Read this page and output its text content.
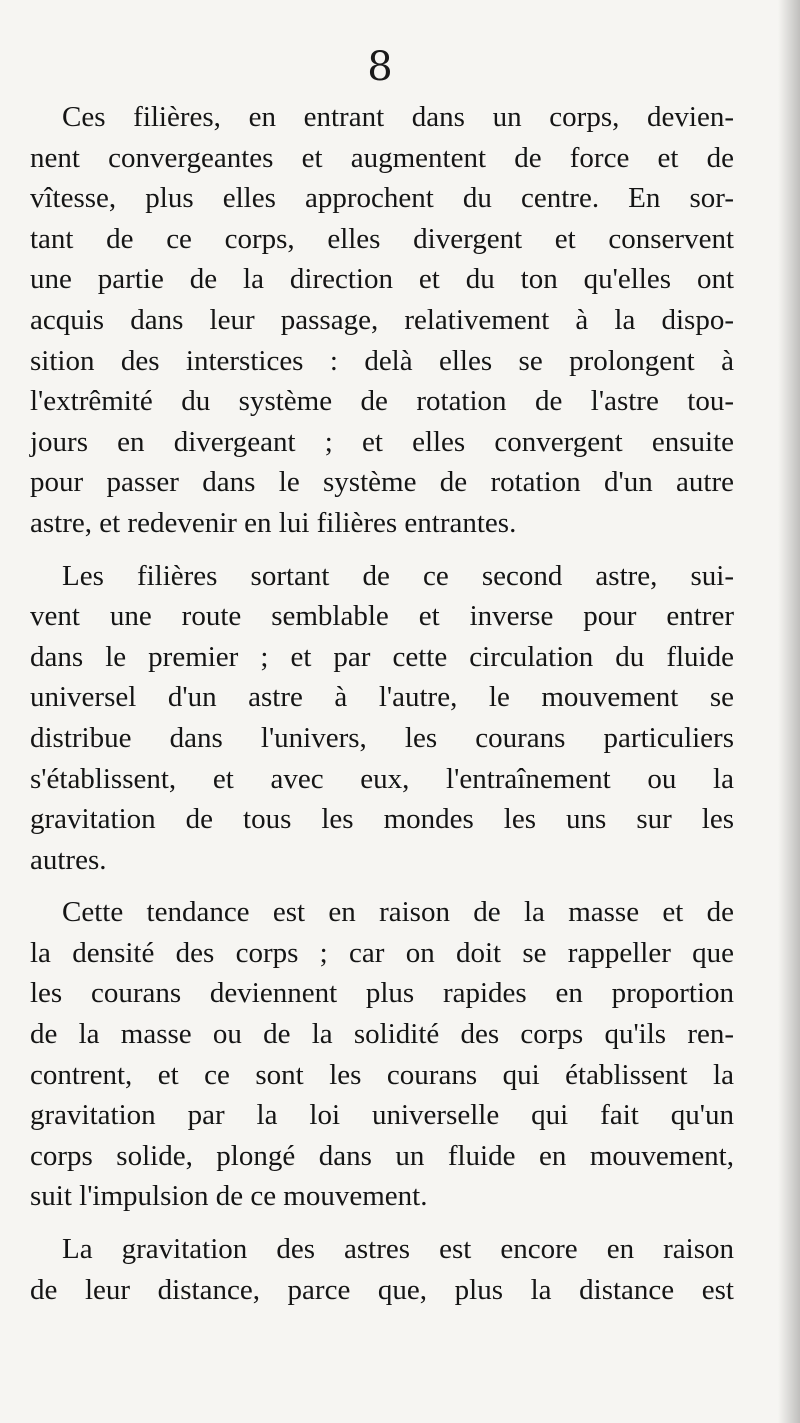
8

Ces filières, en entrant dans un corps, devien-
nent convergeantes et augmentent de force et de
vîtesse, plus elles approchent du centre. En sor-
tant de ce corps, elles divergent et conservent
une partie de la direction et du ton qu'elles ont
acquis dans leur passage, relativement à la dispo-
sition des interstices : delà elles se prolongent à
l'extrêmité du système de rotation de l'astre tou-
jours en divergeant ; et elles convergent ensuite
pour passer dans le système de rotation d'un autre
astre, et redevenir en lui filières entrantes.
Les filières sortant de ce second astre, sui-
vent une route semblable et inverse pour entrer
dans le premier ; et par cette circulation du fluide
universel d'un astre à l'autre, le mouvement se
distribue dans l'univers, les courans particuliers
s'établissent, et avec eux, l'entraînement ou la
gravitation de tous les mondes les uns sur les
autres.
Cette tendance est en raison de la masse et de
la densité des corps ; car on doit se rappeller que
les courans deviennent plus rapides en proportion
de la masse ou de la solidité des corps qu'ils ren-
contrent, et ce sont les courans qui établissent la
gravitation par la loi universelle qui fait qu'un
corps solide, plongé dans un fluide en mouvement,
suit l'impulsion de ce mouvement.
La gravitation des astres est encore en raison
de leur distance, parce que, plus la distance est
